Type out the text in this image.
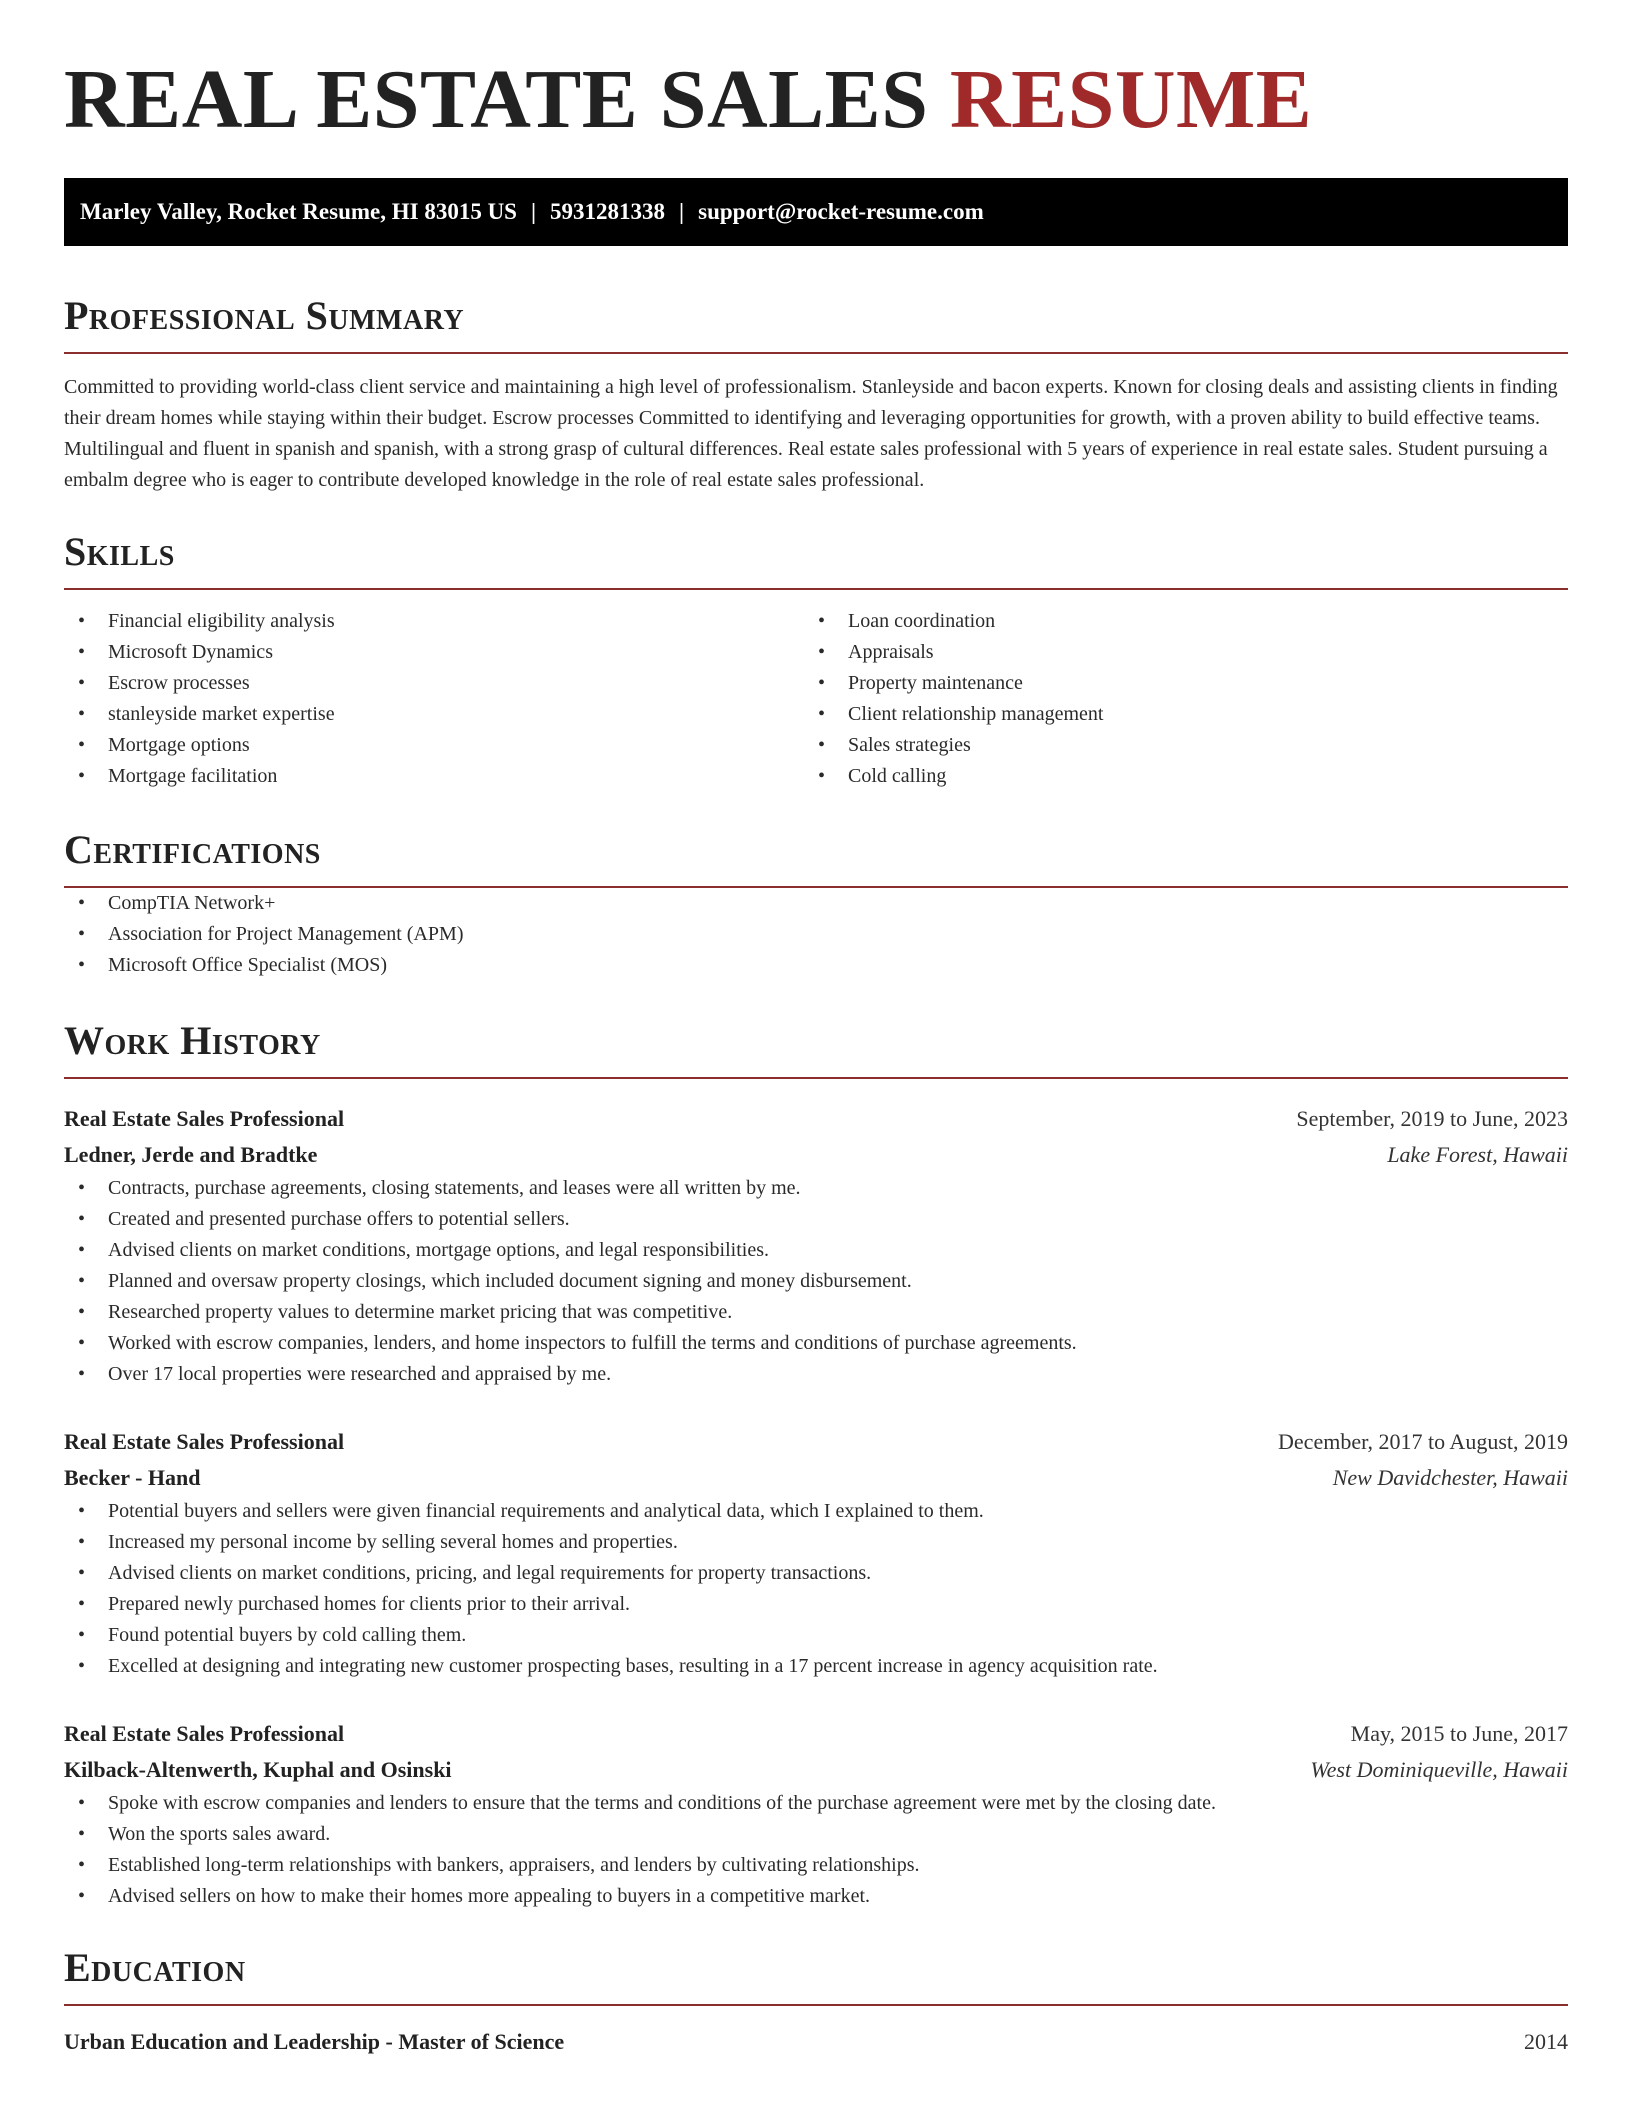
REAL ESTATE SALES RESUME
Marley Valley, Rocket Resume, HI 83015 US | 5931281338 | support@rocket-resume.com
Professional Summary

Committed to providing world-class client service and maintaining a high level of professionalism. Stanleyside and bacon experts. Known for closing deals and assisting clients in finding their dream homes while staying within their budget. Escrow processes Committed to identifying and leveraging opportunities for growth, with a proven ability to build effective teams. Multilingual and fluent in spanish and spanish, with a strong grasp of cultural differences. Real estate sales professional with 5 years of experience in real estate sales. Student pursuing a embalm degree who is eager to contribute developed knowledge in the role of real estate sales professional.

Skills
• Financial eligibility analysis
• Microsoft Dynamics
• Escrow processes
• stanleyside market expertise
• Mortgage options
• Mortgage facilitation
• Loan coordination
• Appraisals
• Property maintenance
• Client relationship management
• Sales strategies
• Cold calling
Certifications
• CompTIA Network+
• Association for Project Management (APM)
• Microsoft Office Specialist (MOS)
Work History
Real Estate Sales Professional	September, 2019 to June, 2023
Ledner, Jerde and Bradtke	Lake Forest, Hawaii
• Contracts, purchase agreements, closing statements, and leases were all written by me.
• Created and presented purchase offers to potential sellers.
• Advised clients on market conditions, mortgage options, and legal responsibilities.
• Planned and oversaw property closings, which included document signing and money disbursement.
• Researched property values to determine market pricing that was competitive.
• Worked with escrow companies, lenders, and home inspectors to fulfill the terms and conditions of purchase agreements.
• Over 17 local properties were researched and appraised by me.
Real Estate Sales Professional	December, 2017 to August, 2019
Becker - Hand	New Davidchester, Hawaii
• Potential buyers and sellers were given financial requirements and analytical data, which I explained to them.
• Increased my personal income by selling several homes and properties.
• Advised clients on market conditions, pricing, and legal requirements for property transactions.
• Prepared newly purchased homes for clients prior to their arrival.
• Found potential buyers by cold calling them.
• Excelled at designing and integrating new customer prospecting bases, resulting in a 17 percent increase in agency acquisition rate.
Real Estate Sales Professional	May, 2015 to June, 2017
Kilback-Altenwerth, Kuphal and Osinski	West Dominiqueville, Hawaii
• Spoke with escrow companies and lenders to ensure that the terms and conditions of the purchase agreement were met by the closing date.
• Won the sports sales award.
• Established long-term relationships with bankers, appraisers, and lenders by cultivating relationships.
• Advised sellers on how to make their homes more appealing to buyers in a competitive market.
Education
Urban Education and Leadership - Master of Science	2014
